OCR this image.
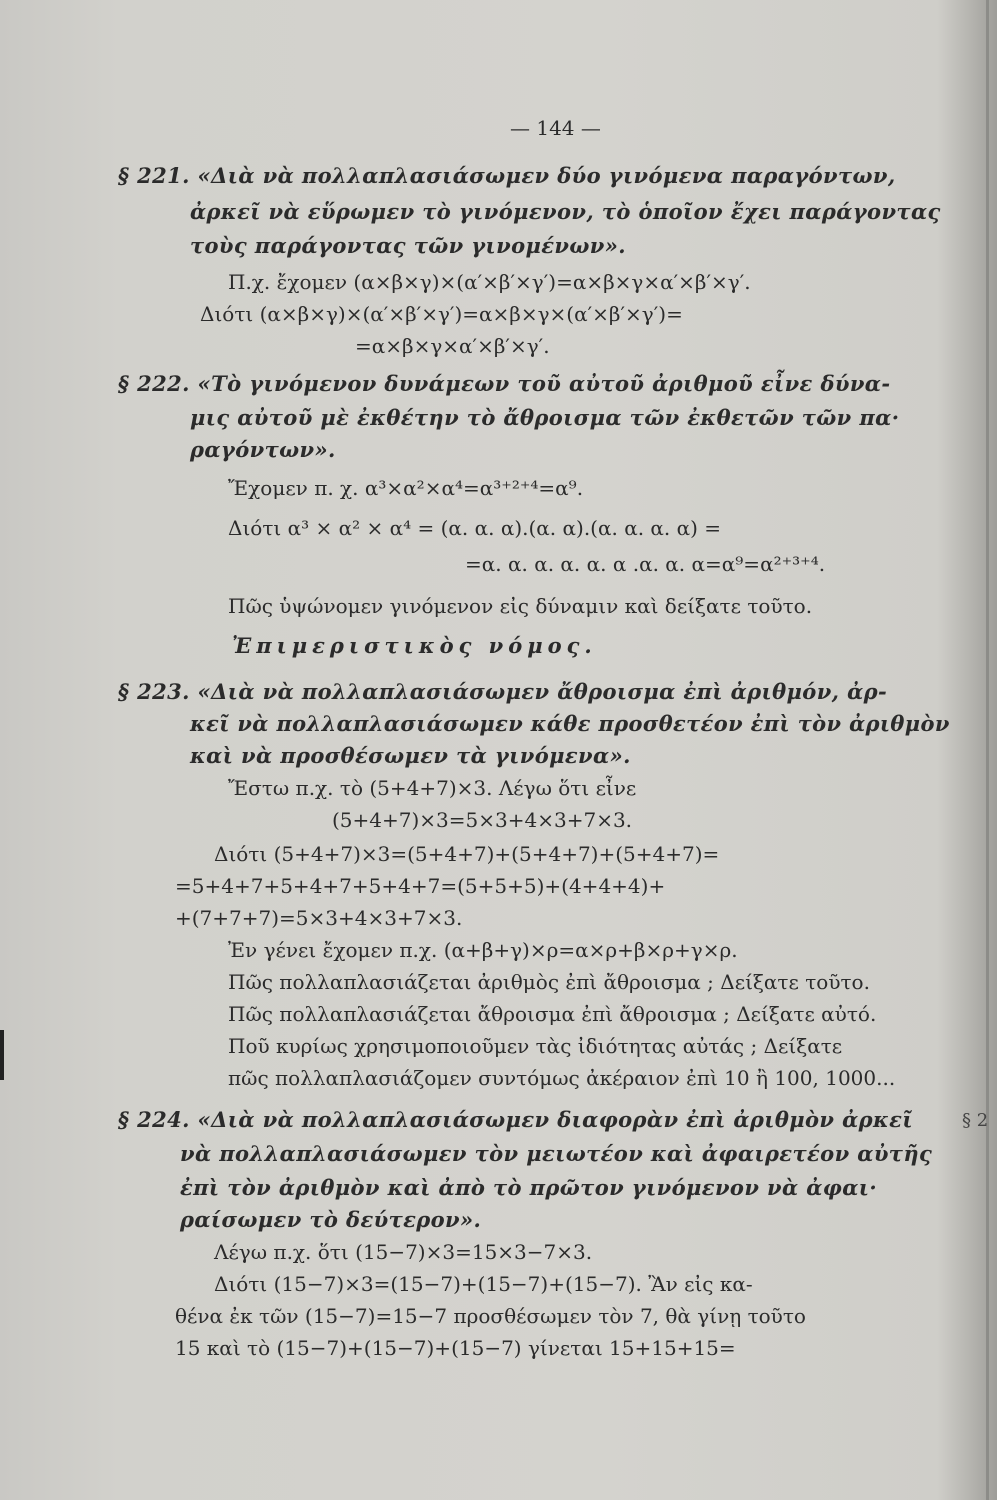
— 144 —
§ 221. «Διὰ νὰ πολλαπλασιάσωμεν δύο γινόμενα παραγόντων,
ἀρκεῖ νὰ εὕρωμεν τὸ γινόμενον, τὸ ὁποῖον ἔχει παράγοντας
τοὺς παράγοντας τῶν γινομένων».
Π.χ. ἔχομεν (α×β×γ)×(α′×β′×γ′)=α×β×γ×α′×β′×γ′.
Διότι (α×β×γ)×(α′×β′×γ′)=α×β×γ×(α′×β′×γ′)=
=α×β×γ×α′×β′×γ′.
§ 222. «Τὸ γινόμενον δυνάμεων τοῦ αὐτοῦ ἀριθμοῦ εἶνε δύνα-
μις αὐτοῦ μὲ ἐκθέτην τὸ ἄθροισμα τῶν ἐκθετῶν τῶν πα·
ραγόντων».
Ἔχομεν π. χ. α³×α²×α⁴=α³⁺²⁺⁴=α⁹.
Διότι α³ × α² × α⁴ = (α. α. α).(α. α).(α. α. α. α) =
=α. α. α. α. α. α .α. α. α=α⁹=α²⁺³⁺⁴.
Πῶς ὑψώνομεν γινόμενον εἰς δύναμιν καὶ δείξατε τοῦτο.
Ἐπιμεριστικὸς νόμος.
§ 223. «Διὰ νὰ πολλαπλασιάσωμεν ἄθροισμα ἐπὶ ἀριθμόν, ἀρ-
κεῖ νὰ πολλαπλασιάσωμεν κάθε προσθετέον ἐπὶ τὸν ἀριθμὸν
καὶ νὰ προσθέσωμεν τὰ γινόμενα».
Ἔστω π.χ. τὸ (5+4+7)×3. Λέγω ὅτι εἶνε
(5+4+7)×3=5×3+4×3+7×3.
Διότι (5+4+7)×3=(5+4+7)+(5+4+7)+(5+4+7)=
=5+4+7+5+4+7+5+4+7=(5+5+5)+(4+4+4)+
+(7+7+7)=5×3+4×3+7×3.
Ἐν γένει ἔχομεν π.χ. (α+β+γ)×ρ=α×ρ+β×ρ+γ×ρ.
Πῶς πολλαπλασιάζεται ἀριθμὸς ἐπὶ ἄθροισμα ; Δείξατε τοῦτο.
Πῶς πολλαπλασιάζεται ἄθροισμα ἐπὶ ἄθροισμα ; Δείξατε αὐτό.
Ποῦ κυρίως χρησιμοποιοῦμεν τὰς ἰδιότητας αὐτάς ; Δείξατε
πῶς πολλαπλασιάζομεν συντόμως ἀκέραιον ἐπὶ 10 ἢ 100, 1000...
§ 224. «Διὰ νὰ πολλαπλασιάσωμεν διαφορὰν ἐπὶ ἀριθμὸν ἀρκεῖ
νὰ πολλαπλασιάσωμεν τὸν μειωτέον καὶ ἀφαιρετέον αὐτῆς
ἐπὶ τὸν ἀριθμὸν καὶ ἀπὸ τὸ πρῶτον γινόμενον νὰ ἀφαι·
ραίσωμεν τὸ δεύτερον».
Λέγω π.χ. ὅτι (15−7)×3=15×3−7×3.
Διότι (15−7)×3=(15−7)+(15−7)+(15−7). Ἂν εἰς κα-
θένα ἐκ τῶν (15−7)=15−7 προσθέσωμεν τὸν 7, θὰ γίνῃ τοῦτο
15 καὶ τὸ (15−7)+(15−7)+(15−7) γίνεται 15+15+15=
§ 2
